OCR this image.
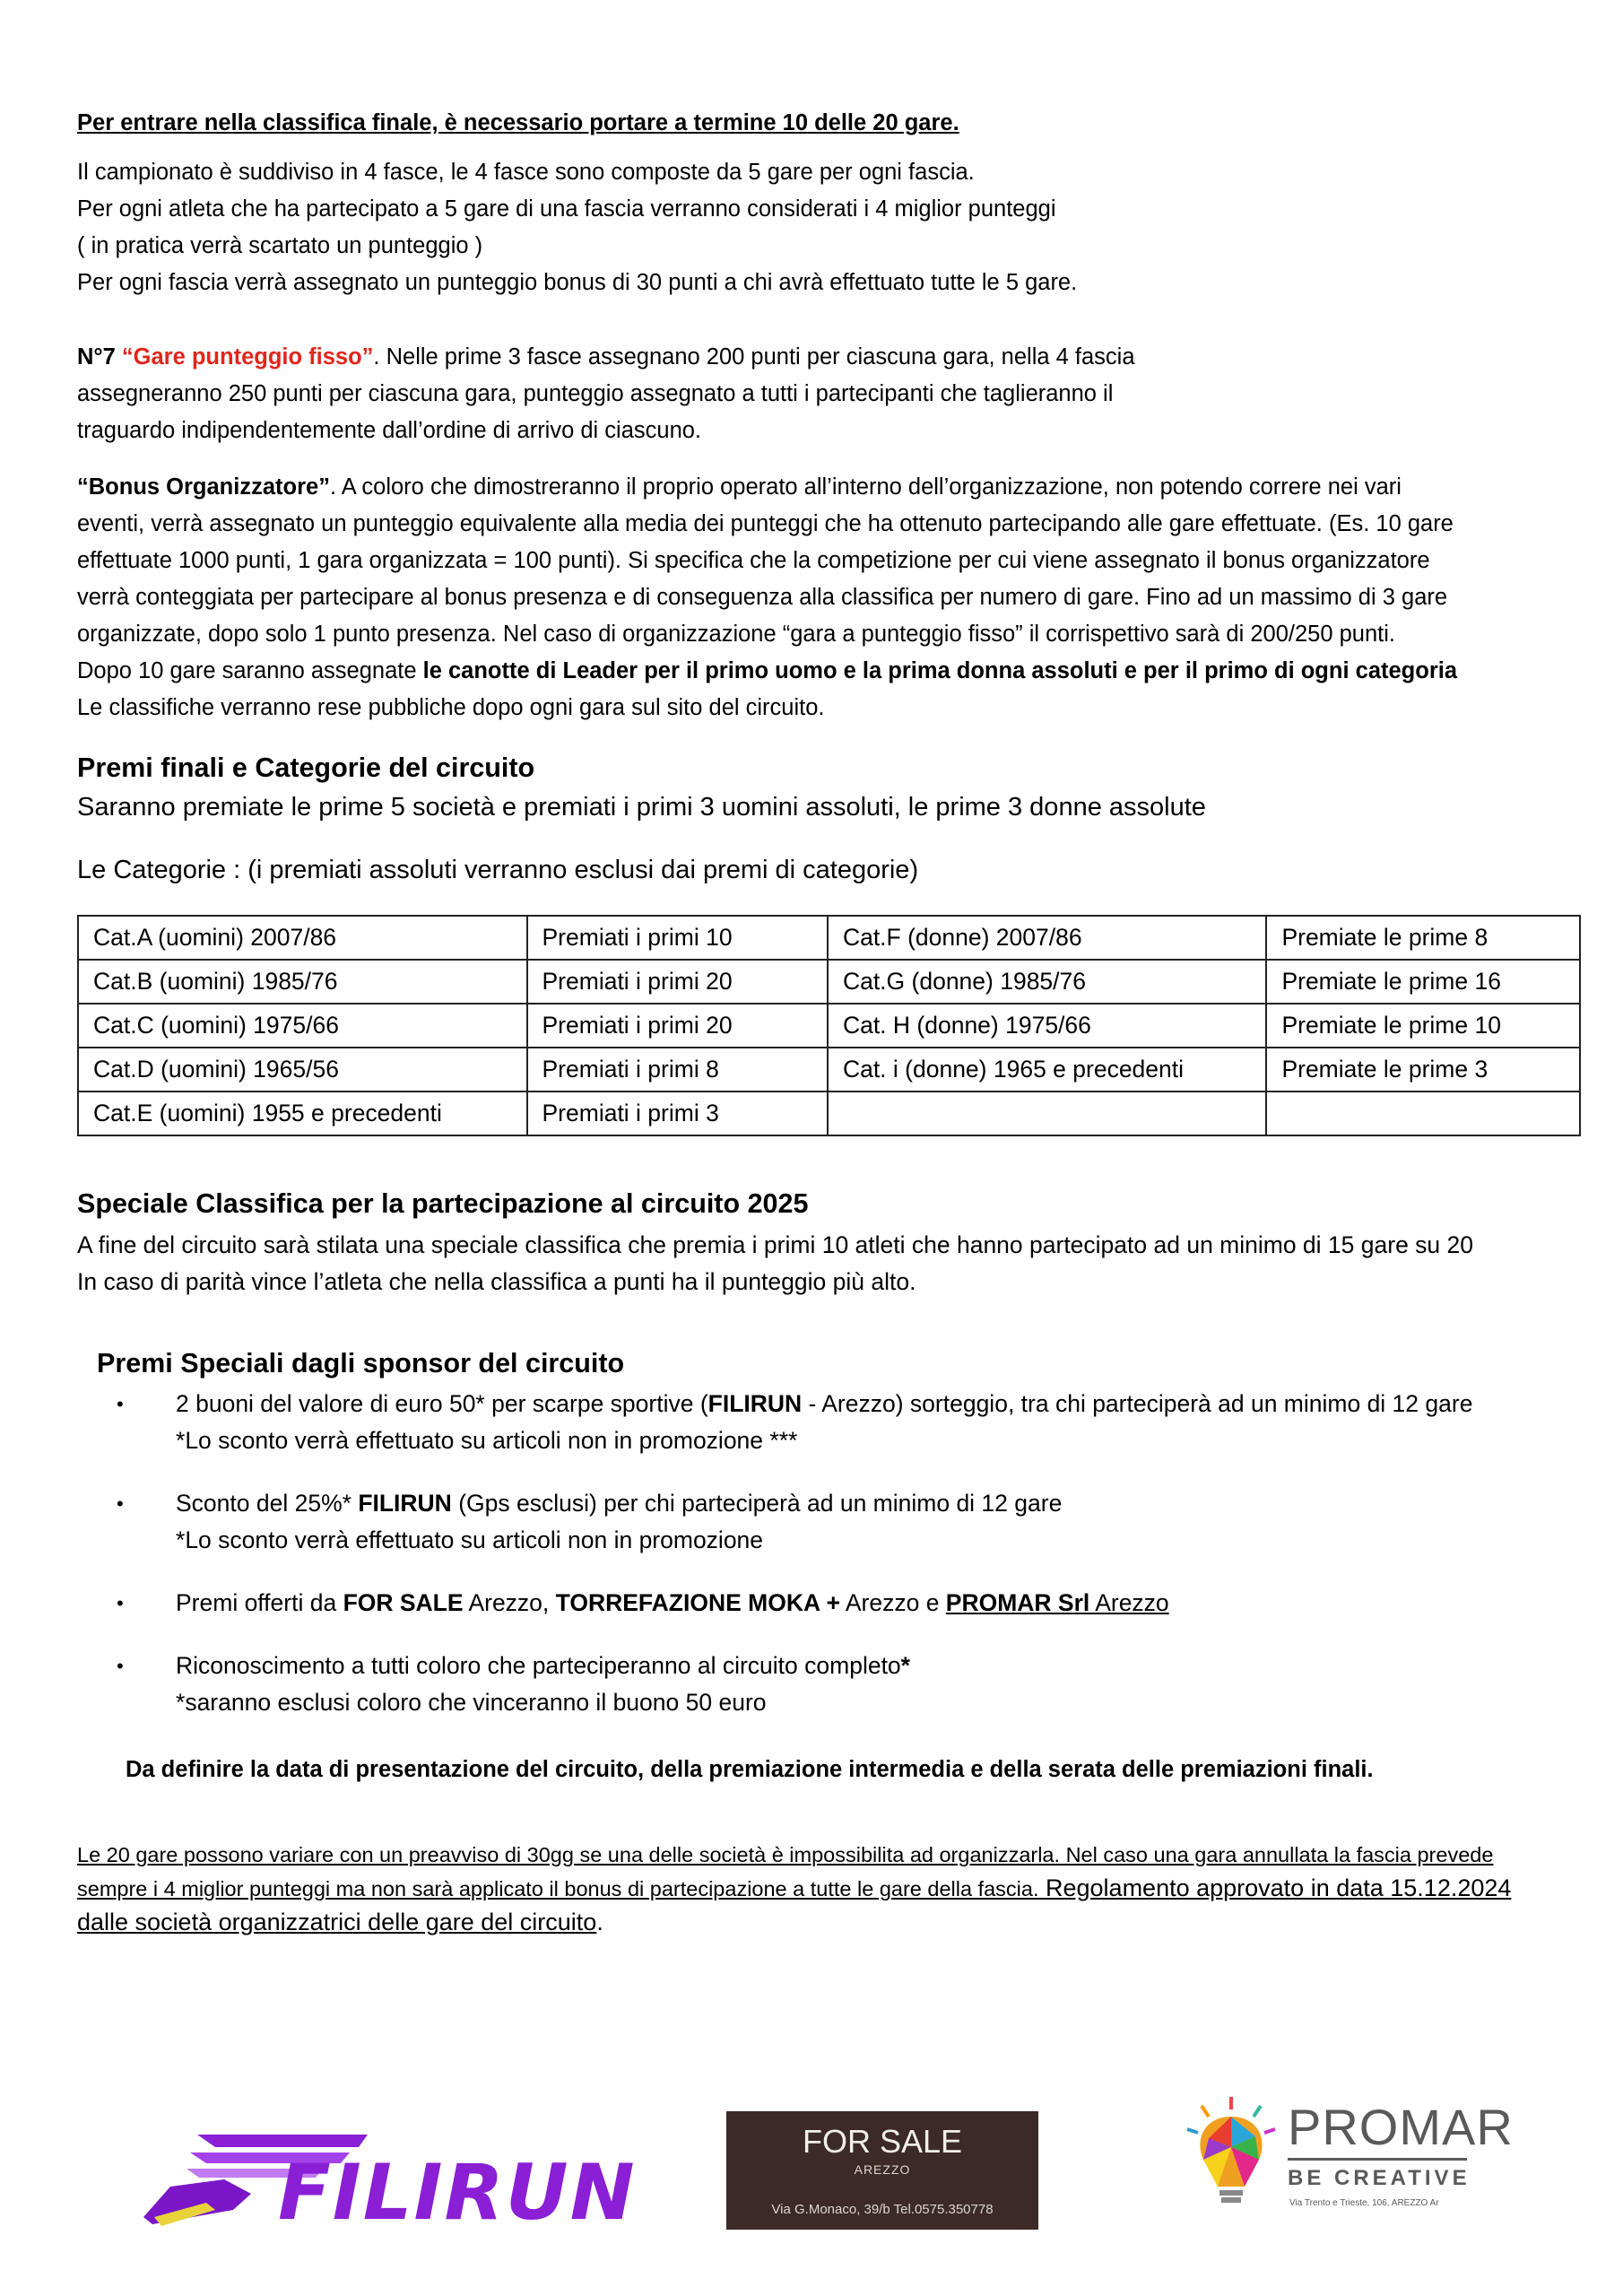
Per entrare nella classifica finale, è necessario portare a termine 10 delle 20 gare.

Il campionato è suddiviso in 4 fasce, le 4 fasce sono composte da 5 gare per ogni fascia.

Per ogni atleta che ha partecipato a 5 gare di una fascia verranno considerati i 4 miglior punteggi

( in pratica verrà scartato un punteggio )

Per ogni fascia verrà assegnato un punteggio bonus di 30 punti a chi avrà effettuato tutte le 5 gare.

N°7 “Gare punteggio fisso”. Nelle prime 3 fasce assegnano 200 punti per ciascuna gara, nella 4 fascia

assegneranno 250 punti per ciascuna gara, punteggio assegnato a tutti i partecipanti che taglieranno il

traguardo indipendentemente dall’ordine di arrivo di ciascuno.

“Bonus Organizzatore”. A coloro che dimostreranno il proprio operato all’interno dell’organizzazione, non potendo correre nei vari

eventi, verrà assegnato un punteggio equivalente alla media dei punteggi che ha ottenuto partecipando alle gare effettuate. (Es. 10 gare

effettuate 1000 punti, 1 gara organizzata = 100 punti). Si specifica che la competizione per cui viene assegnato il bonus organizzatore

verrà conteggiata per partecipare al bonus presenza e di conseguenza alla classifica per numero di gare. Fino ad un massimo di 3 gare

organizzate, dopo solo 1 punto presenza. Nel caso di organizzazione “gara a punteggio fisso” il corrispettivo sarà di 200/250 punti.

Dopo 10 gare saranno assegnate le canotte di Leader per il primo uomo e la prima donna assoluti e per il primo di ogni categoria

Le classifiche verranno rese pubbliche dopo ogni gara sul sito del circuito.

Premi finali e Categorie del circuito
Saranno premiate le prime 5 società e premiati i primi 3 uomini assoluti, le prime 3 donne assolute
Le Categorie : (i premiati assoluti verranno esclusi dai premi di categorie)
Cat.A (uomini) 2007/86	Premiati i primi 10	Cat.F (donne) 2007/86	Premiate le prime 8
Cat.B (uomini) 1985/76	Premiati i primi 20	Cat.G (donne) 1985/76	Premiate le prime 16
Cat.C (uomini) 1975/66	Premiati i primi 20	Cat. H (donne) 1975/66	Premiate le prime 10
Cat.D (uomini) 1965/56	Premiati i primi 8	Cat. i (donne) 1965 e precedenti	Premiate le prime 3
Cat.E (uomini) 1955 e precedenti	Premiati i primi 3		
Speciale Classifica per la partecipazione al circuito 2025

A fine del circuito sarà stilata una speciale classifica che premia i primi 10 atleti che hanno partecipato ad un minimo di 15 gare su 20

In caso di parità vince l’atleta che nella classifica a punti ha il punteggio più alto.

Premi Speciali dagli sponsor del circuito
• 2 buoni del valore di euro 50* per scarpe sportive (FILIRUN - Arezzo) sorteggio, tra chi parteciperà ad un minimo di 12 gare
*Lo sconto verrà effettuato su articoli non in promozione ***
• Sconto del 25%* FILIRUN (Gps esclusi) per chi parteciperà ad un minimo di 12 gare
*Lo sconto verrà effettuato su articoli non in promozione
• Premi offerti da FOR SALE Arezzo, TORREFAZIONE MOKA + Arezzo e PROMAR Srl Arezzo
• Riconoscimento a tutti coloro che parteciperanno al circuito completo*
*saranno esclusi coloro che vinceranno il buono 50 euro
Da definire la data di presentazione del circuito, della premiazione intermedia e della serata delle premiazioni finali.
Le 20 gare possono variare con un preavviso di 30gg se una delle società è impossibilita ad organizzarla. Nel caso una gara annullata la fascia prevede
sempre i 4 miglior punteggi ma non sarà applicato il bonus di partecipazione a tutte le gare della fascia. Regolamento approvato in data 15.12.2024
dalle società organizzatrici delle gare del circuito.
FILIRUN
FOR SALE
AREZZO
Via G.Monaco, 39/b Tel.0575.350778
PROMAR
BE CREATIVE
Via Trento e Trieste, 106, AREZZO Ar
